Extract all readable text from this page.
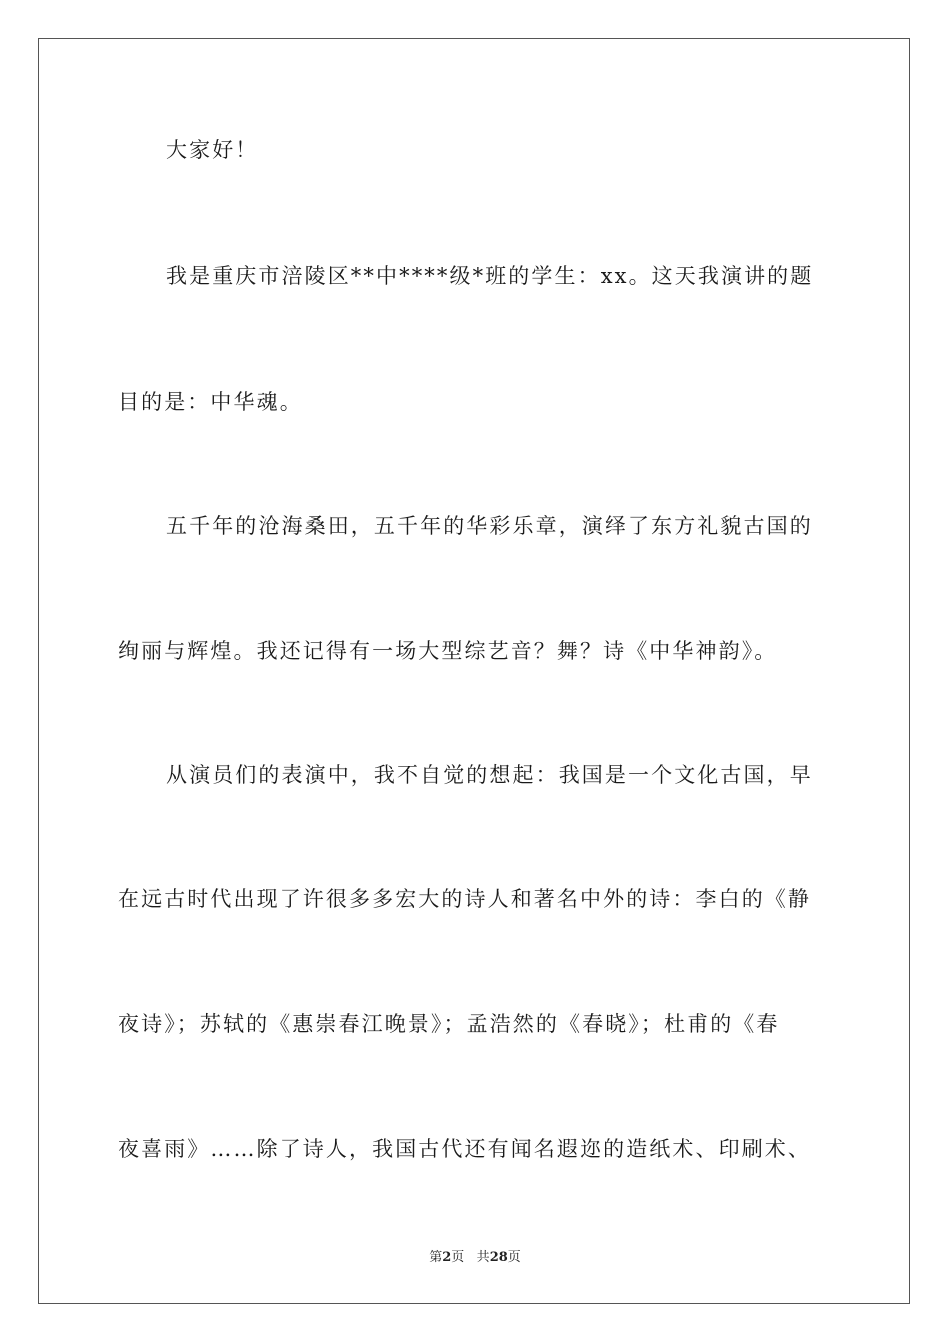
大家好！
我是重庆市涪陵区**中****级*班的学生：xx。这天我演讲的题
目的是：中华魂。
五千年的沧海桑田，五千年的华彩乐章，演绎了东方礼貌古国的
绚丽与辉煌。我还记得有一场大型综艺音？舞？诗《中华神韵》。
从演员们的表演中，我不自觉的想起：我国是一个文化古国，早
在远古时代出现了许很多多宏大的诗人和著名中外的诗：李白的《静
夜诗》；苏轼的《惠崇春江晚景》；孟浩然的《春晓》；杜甫的《春
夜喜雨》……除了诗人，我国古代还有闻名遐迩的造纸术、印刷术、
第2页 共28页
